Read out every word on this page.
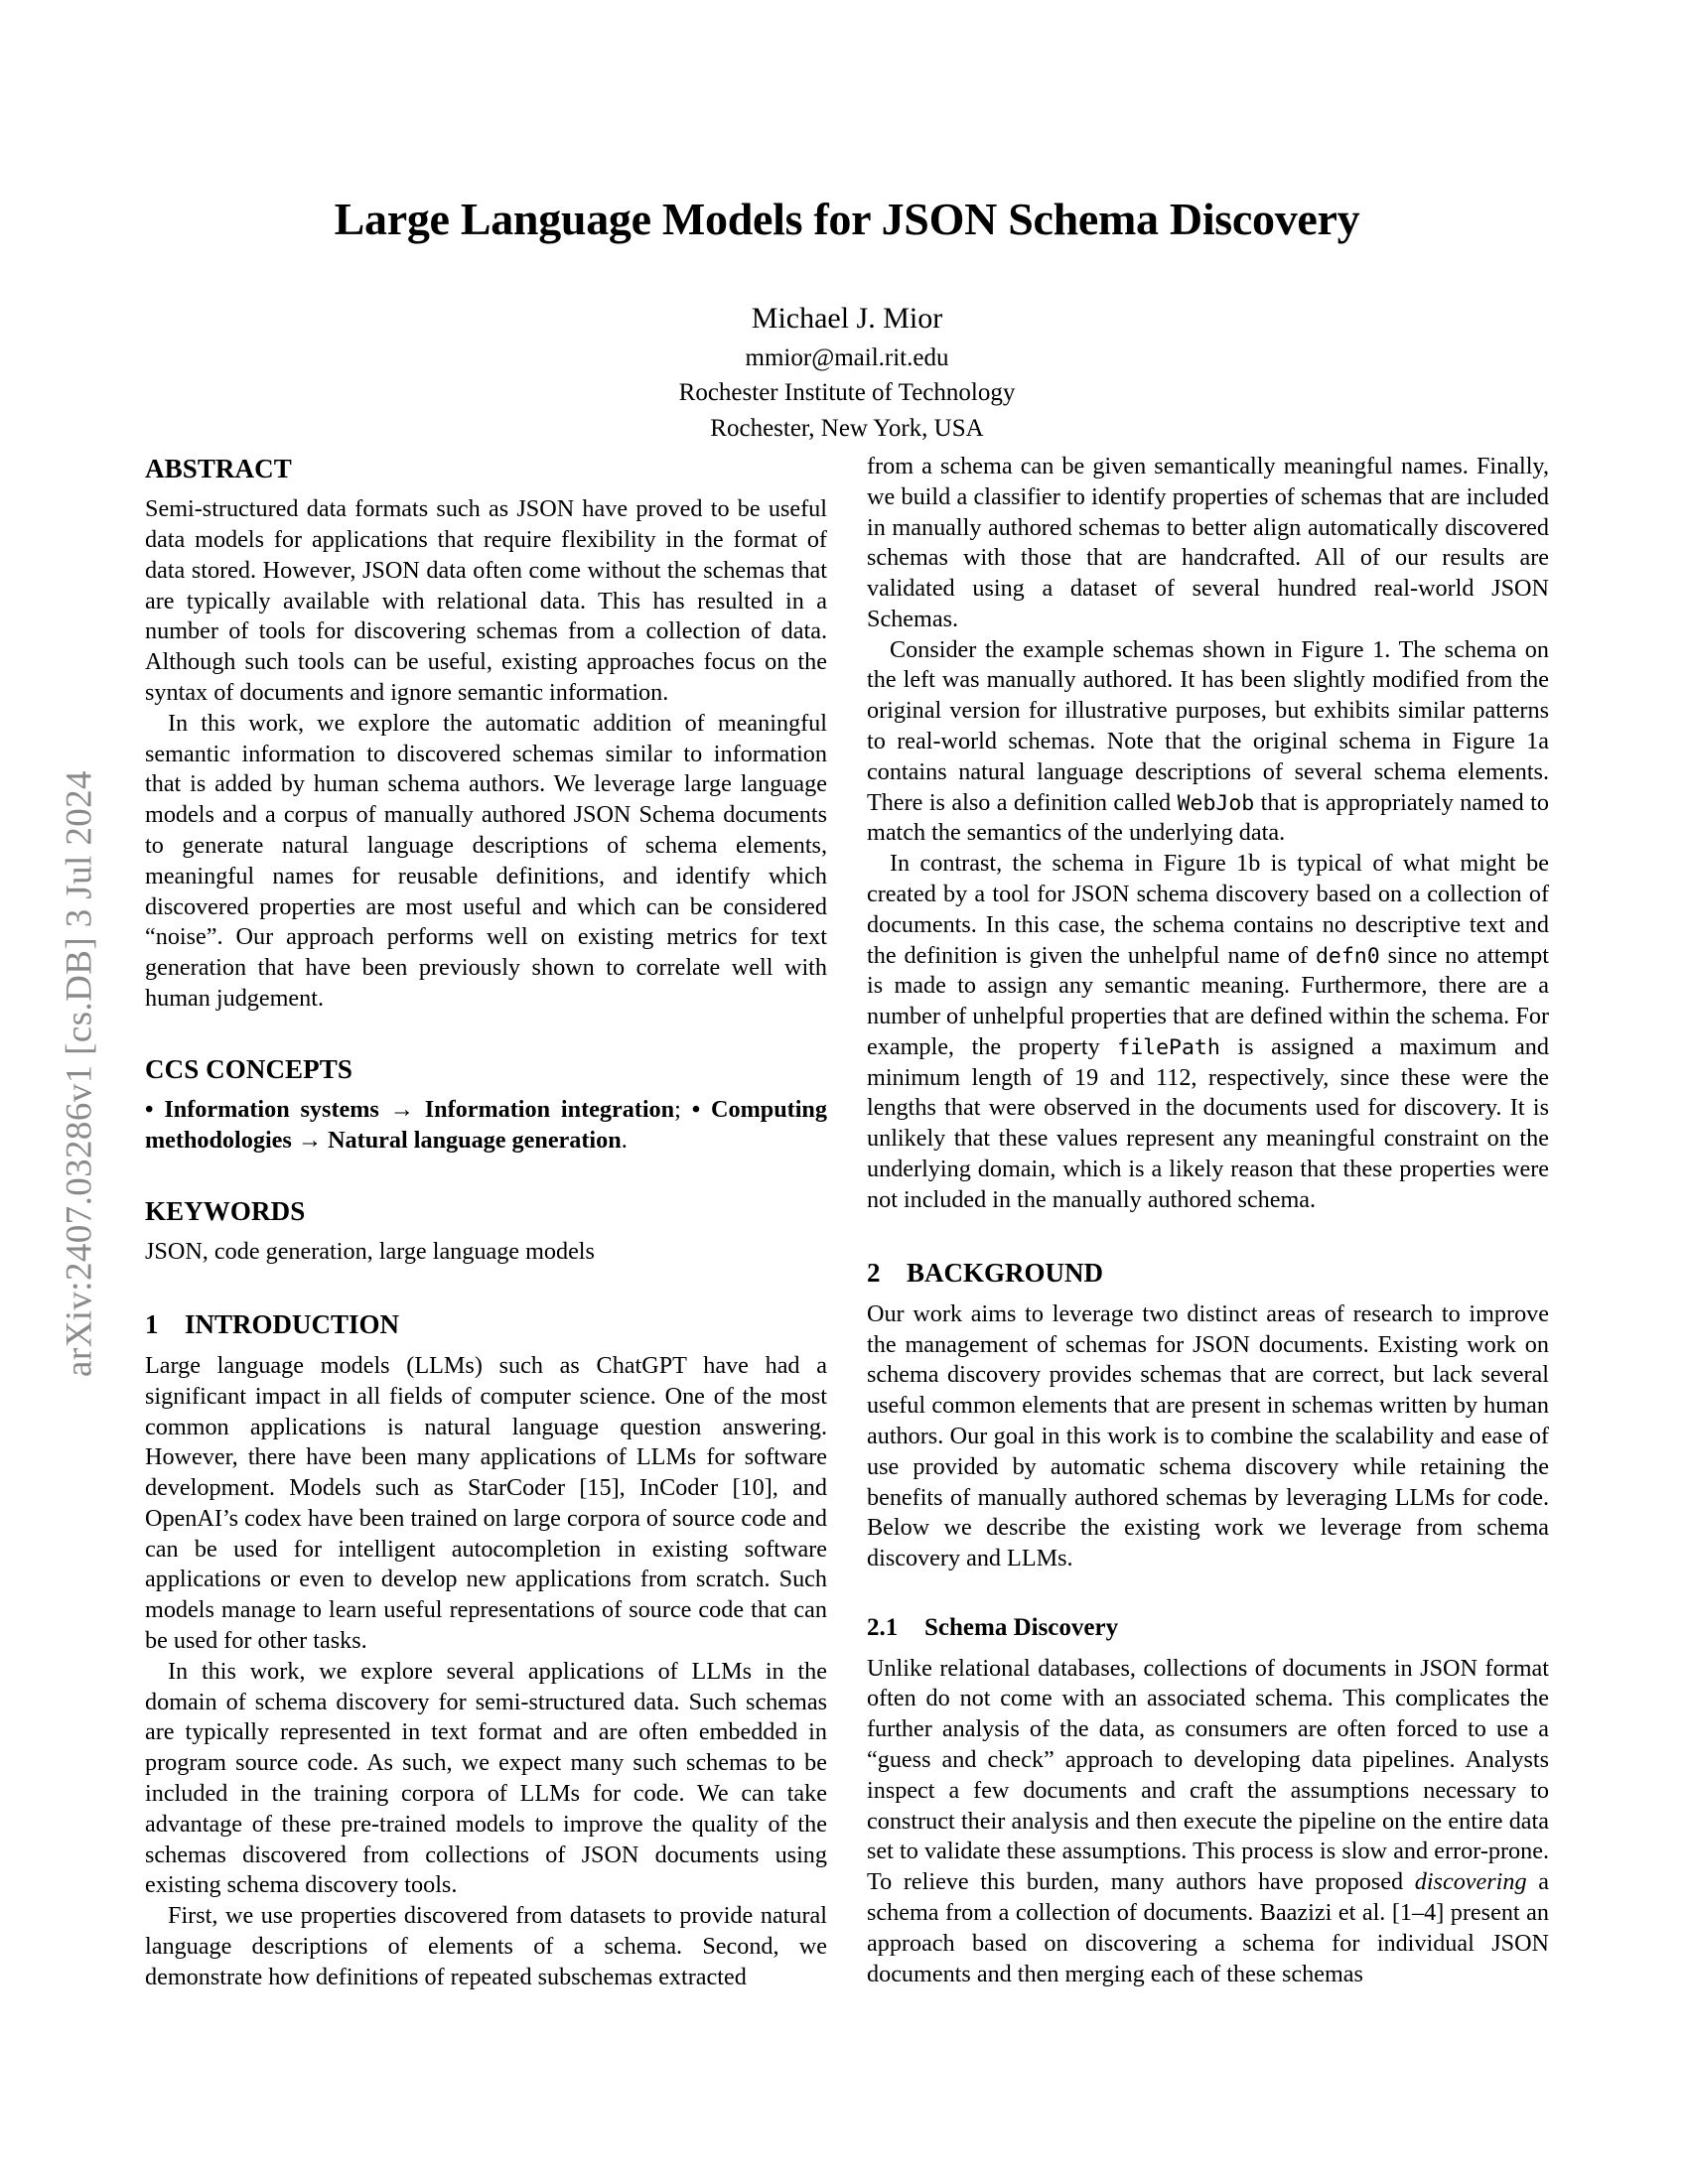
arXiv:2407.03286v1 [cs.DB] 3 Jul 2024
Large Language Models for JSON Schema Discovery
Michael J. Mior
mmior@mail.rit.edu
Rochester Institute of Technology
Rochester, New York, USA
ABSTRACT

Semi-structured data formats such as JSON have proved to be useful data models for applications that require flexibility in the format of data stored. However, JSON data often come without the schemas that are typically available with relational data. This has resulted in a number of tools for discovering schemas from a collection of data. Although such tools can be useful, existing approaches focus on the syntax of documents and ignore semantic information.

In this work, we explore the automatic addition of meaningful semantic information to discovered schemas similar to information that is added by human schema authors. We leverage large language models and a corpus of manually authored JSON Schema documents to generate natural language descriptions of schema elements, meaningful names for reusable definitions, and identify which discovered properties are most useful and which can be considered “noise”. Our approach performs well on existing metrics for text generation that have been previously shown to correlate well with human judgement.

CCS CONCEPTS

• Information systems → Information integration; • Computing methodologies → Natural language generation.

KEYWORDS

JSON, code generation, large language models

1 INTRODUCTION

Large language models (LLMs) such as ChatGPT have had a significant impact in all fields of computer science. One of the most common applications is natural language question answering. However, there have been many applications of LLMs for software development. Models such as StarCoder [15], InCoder [10], and OpenAI’s codex have been trained on large corpora of source code and can be used for intelligent autocompletion in existing software applications or even to develop new applications from scratch. Such models manage to learn useful representations of source code that can be used for other tasks.

In this work, we explore several applications of LLMs in the domain of schema discovery for semi-structured data. Such schemas are typically represented in text format and are often embedded in program source code. As such, we expect many such schemas to be included in the training corpora of LLMs for code. We can take advantage of these pre-trained models to improve the quality of the schemas discovered from collections of JSON documents using existing schema discovery tools.

First, we use properties discovered from datasets to provide natural language descriptions of elements of a schema. Second, we demonstrate how definitions of repeated subschemas extracted

from a schema can be given semantically meaningful names. Finally, we build a classifier to identify properties of schemas that are included in manually authored schemas to better align automatically discovered schemas with those that are handcrafted. All of our results are validated using a dataset of several hundred real-world JSON Schemas.

Consider the example schemas shown in Figure 1. The schema on the left was manually authored. It has been slightly modified from the original version for illustrative purposes, but exhibits similar patterns to real-world schemas. Note that the original schema in Figure 1a contains natural language descriptions of several schema elements. There is also a definition called WebJob that is appropriately named to match the semantics of the underlying data.

In contrast, the schema in Figure 1b is typical of what might be created by a tool for JSON schema discovery based on a collection of documents. In this case, the schema contains no descriptive text and the definition is given the unhelpful name of defn0 since no attempt is made to assign any semantic meaning. Furthermore, there are a number of unhelpful properties that are defined within the schema. For example, the property filePath is assigned a maximum and minimum length of 19 and 112, respectively, since these were the lengths that were observed in the documents used for discovery. It is unlikely that these values represent any meaningful constraint on the underlying domain, which is a likely reason that these properties were not included in the manually authored schema.

2 BACKGROUND

Our work aims to leverage two distinct areas of research to improve the management of schemas for JSON documents. Existing work on schema discovery provides schemas that are correct, but lack several useful common elements that are present in schemas written by human authors. Our goal in this work is to combine the scalability and ease of use provided by automatic schema discovery while retaining the benefits of manually authored schemas by leveraging LLMs for code. Below we describe the existing work we leverage from schema discovery and LLMs.

2.1 Schema Discovery

Unlike relational databases, collections of documents in JSON format often do not come with an associated schema. This complicates the further analysis of the data, as consumers are often forced to use a “guess and check” approach to developing data pipelines. Analysts inspect a few documents and craft the assumptions necessary to construct their analysis and then execute the pipeline on the entire data set to validate these assumptions. This process is slow and error-prone. To relieve this burden, many authors have proposed discovering a schema from a collection of documents. Baazizi et al. [1–4] present an approach based on discovering a schema for individual JSON documents and then merging each of these schemas
